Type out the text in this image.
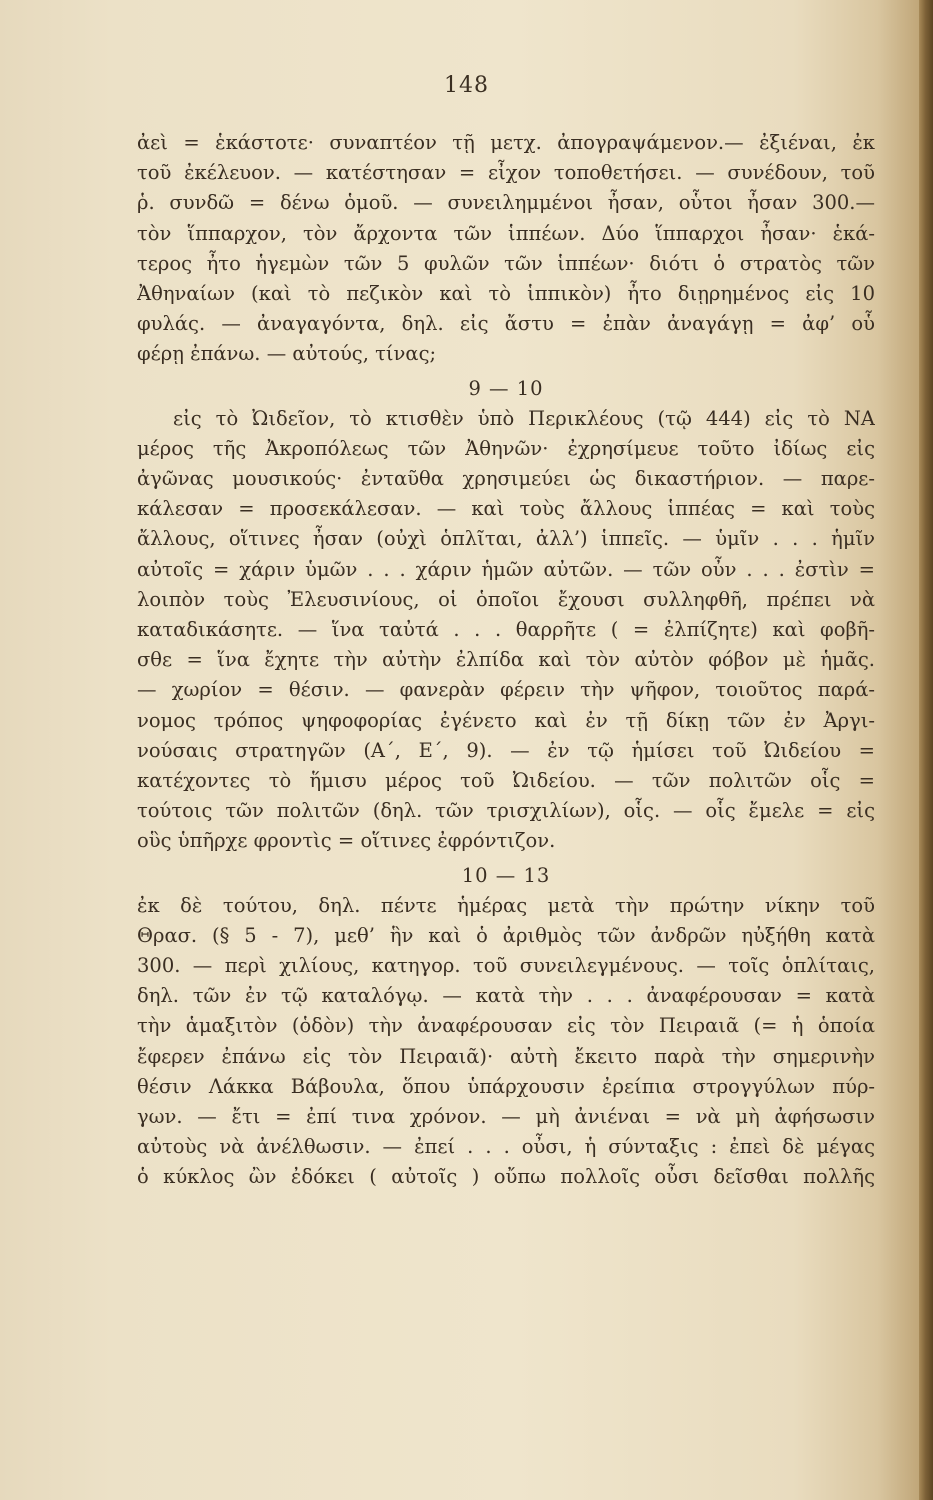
148
ἀεὶ = ἑκάστοτε· συναπτέον τῇ μετχ. ἀπογραψάμενον.— ἐξιέναι, ἐκ
τοῦ ἐκέλευον. — κατέστησαν = εἶχον τοποθετήσει. — συνέδουν, τοῦ
ῥ. συνδῶ = δένω ὁμοῦ. — συνειλημμένοι ἦσαν, οὗτοι ἦσαν 300.—
τὸν ἵππαρχον, τὸν ἄρχοντα τῶν ἱππέων. Δύο ἵππαρχοι ἦσαν· ἑκά-
τερος ἦτο ἡγεμὼν τῶν 5 φυλῶν τῶν ἱππέων· διότι ὁ στρατὸς τῶν
Ἀθηναίων (καὶ τὸ πεζικὸν καὶ τὸ ἱππικὸν) ἦτο διῃρημένος εἰς 10
φυλάς. — ἀναγαγόντα, δηλ. εἰς ἄστυ = ἐπὰν ἀναγάγῃ = ἀφ’ οὗ
φέρῃ ἐπάνω. — αὐτούς, τίνας;
9 — 10
εἰς τὸ Ὠιδεῖον, τὸ κτισθὲν ὑπὸ Περικλέους (τῷ 444) εἰς τὸ ΝΑ
μέρος τῆς Ἀκροπόλεως τῶν Ἀθηνῶν· ἐχρησίμευε τοῦτο ἰδίως εἰς
ἀγῶνας μουσικούς· ἐνταῦθα χρησιμεύει ὡς δικαστήριον. — παρε-
κάλεσαν = προσεκάλεσαν. — καὶ τοὺς ἄλλους ἱππέας = καὶ τοὺς
ἄλλους, οἵτινες ἦσαν (οὐχὶ ὁπλῖται, ἀλλ’) ἱππεῖς. — ὑμῖν . . . ἡμῖν
αὐτοῖς = χάριν ὑμῶν . . . χάριν ἡμῶν αὐτῶν. — τῶν οὖν . . . ἐστὶν =
λοιπὸν τοὺς Ἐλευσινίους, οἱ ὁποῖοι ἔχουσι συλληφθῆ, πρέπει νὰ
καταδικάσητε. — ἵνα ταὐτά . . . θαρρῆτε ( = ἐλπίζητε) καὶ φοβῆ-
σθε = ἵνα ἔχητε τὴν αὐτὴν ἐλπίδα καὶ τὸν αὐτὸν φόβον μὲ ἡμᾶς.
— χωρίον = θέσιν. — φανερὰν φέρειν τὴν ψῆφον, τοιοῦτος παρά-
νομος τρόπος ψηφοφορίας ἐγένετο καὶ ἐν τῇ δίκῃ τῶν ἐν Ἀργι-
νούσαις στρατηγῶν (Α΄, Ε΄, 9). — ἐν τῷ ἡμίσει τοῦ Ὠιδείου =
κατέχοντες τὸ ἥμισυ μέρος τοῦ Ὠιδείου. — τῶν πολιτῶν οἷς =
τούτοις τῶν πολιτῶν (δηλ. τῶν τρισχιλίων), οἷς. — οἷς ἔμελε = εἰς
οὓς ὑπῆρχε φροντὶς = οἵτινες ἐφρόντιζον.
10 — 13
ἐκ δὲ τούτου, δηλ. πέντε ἡμέρας μετὰ τὴν πρώτην νίκην τοῦ
Θρασ. (§ 5 - 7), μεθ’ ἣν καὶ ὁ ἀριθμὸς τῶν ἀνδρῶν ηὐξήθη κατὰ
300. — περὶ χιλίους, κατηγορ. τοῦ συνειλεγμένους. — τοῖς ὁπλίταις,
δηλ. τῶν ἐν τῷ καταλόγῳ. — κατὰ τὴν . . . ἀναφέρουσαν = κατὰ
τὴν ἁμαξιτὸν (ὁδὸν) τὴν ἀναφέρουσαν εἰς τὸν Πειραιᾶ (= ἡ ὁποία
ἔφερεν ἐπάνω εἰς τὸν Πειραιᾶ)· αὐτὴ ἔκειτο παρὰ τὴν σημερινὴν
θέσιν Λάκκα Βάβουλα, ὅπου ὑπάρχουσιν ἐρείπια στρογγύλων πύρ-
γων. — ἔτι = ἐπί τινα χρόνον. — μὴ ἀνιέναι = νὰ μὴ ἀφήσωσιν
αὐτοὺς νὰ ἀνέλθωσιν. — ἐπεί . . . οὖσι, ἡ σύνταξις : ἐπεὶ δὲ μέγας
ὁ κύκλος ὢν ἐδόκει ( αὐτοῖς ) οὔπω πολλοῖς οὖσι δεῖσθαι πολλῆς
